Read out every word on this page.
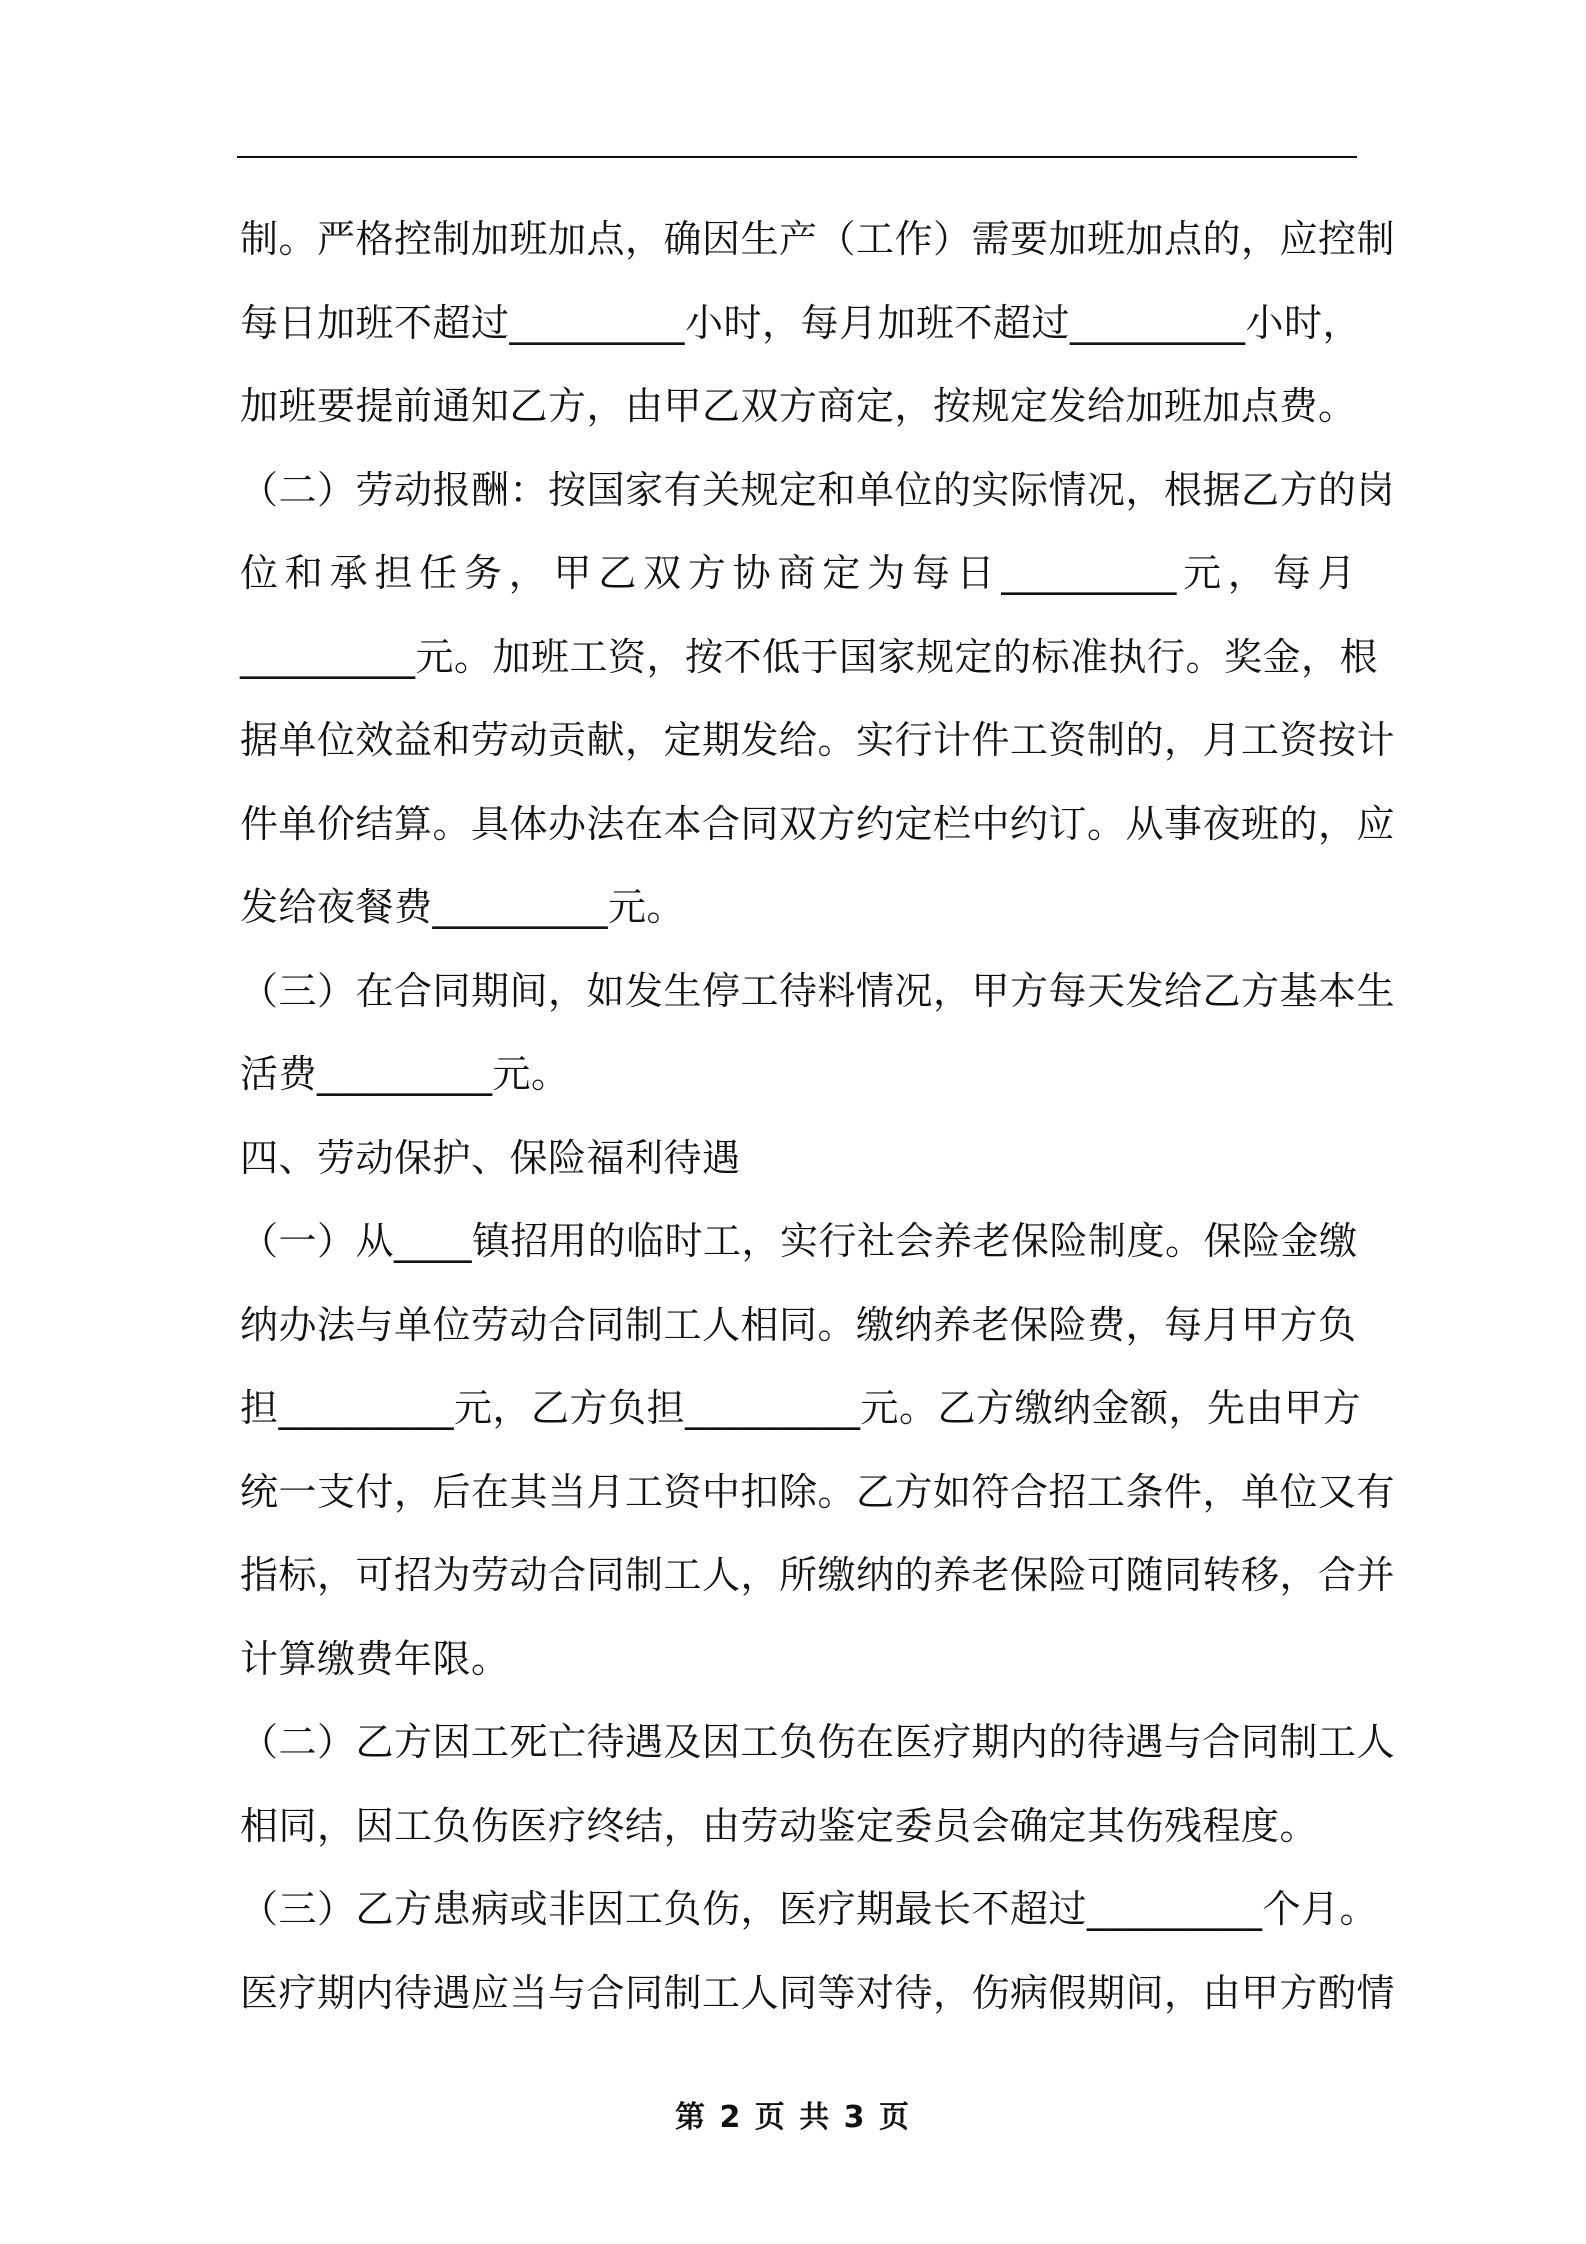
制。严格控制加班加点，确因生产（工作）需要加班加点的，应控制
每日加班不超过_________小时，每月加班不超过_________小时，
加班要提前通知乙方，由甲乙双方商定，按规定发给加班加点费。
（二）劳动报酬：按国家有关规定和单位的实际情况，根据乙方的岗
位和承担任务，甲乙双方协商定为每日_________元，每月
_________元。加班工资，按不低于国家规定的标准执行。奖金，根
据单位效益和劳动贡献，定期发给。实行计件工资制的，月工资按计
件单价结算。具体办法在本合同双方约定栏中约订。从事夜班的，应
发给夜餐费_________元。
（三）在合同期间，如发生停工待料情况，甲方每天发给乙方基本生
活费_________元。
四、劳动保护、保险福利待遇
（一）从____镇招用的临时工，实行社会养老保险制度。保险金缴
纳办法与单位劳动合同制工人相同。缴纳养老保险费，每月甲方负
担_________元，乙方负担_________元。乙方缴纳金额，先由甲方
统一支付，后在其当月工资中扣除。乙方如符合招工条件，单位又有
指标，可招为劳动合同制工人，所缴纳的养老保险可随同转移，合并
计算缴费年限。
（二）乙方因工死亡待遇及因工负伤在医疗期内的待遇与合同制工人
相同，因工负伤医疗终结，由劳动鉴定委员会确定其伤残程度。
（三）乙方患病或非因工负伤，医疗期最长不超过_________个月。
医疗期内待遇应当与合同制工人同等对待，伤病假期间，由甲方酌情
第 2 页 共 3 页
